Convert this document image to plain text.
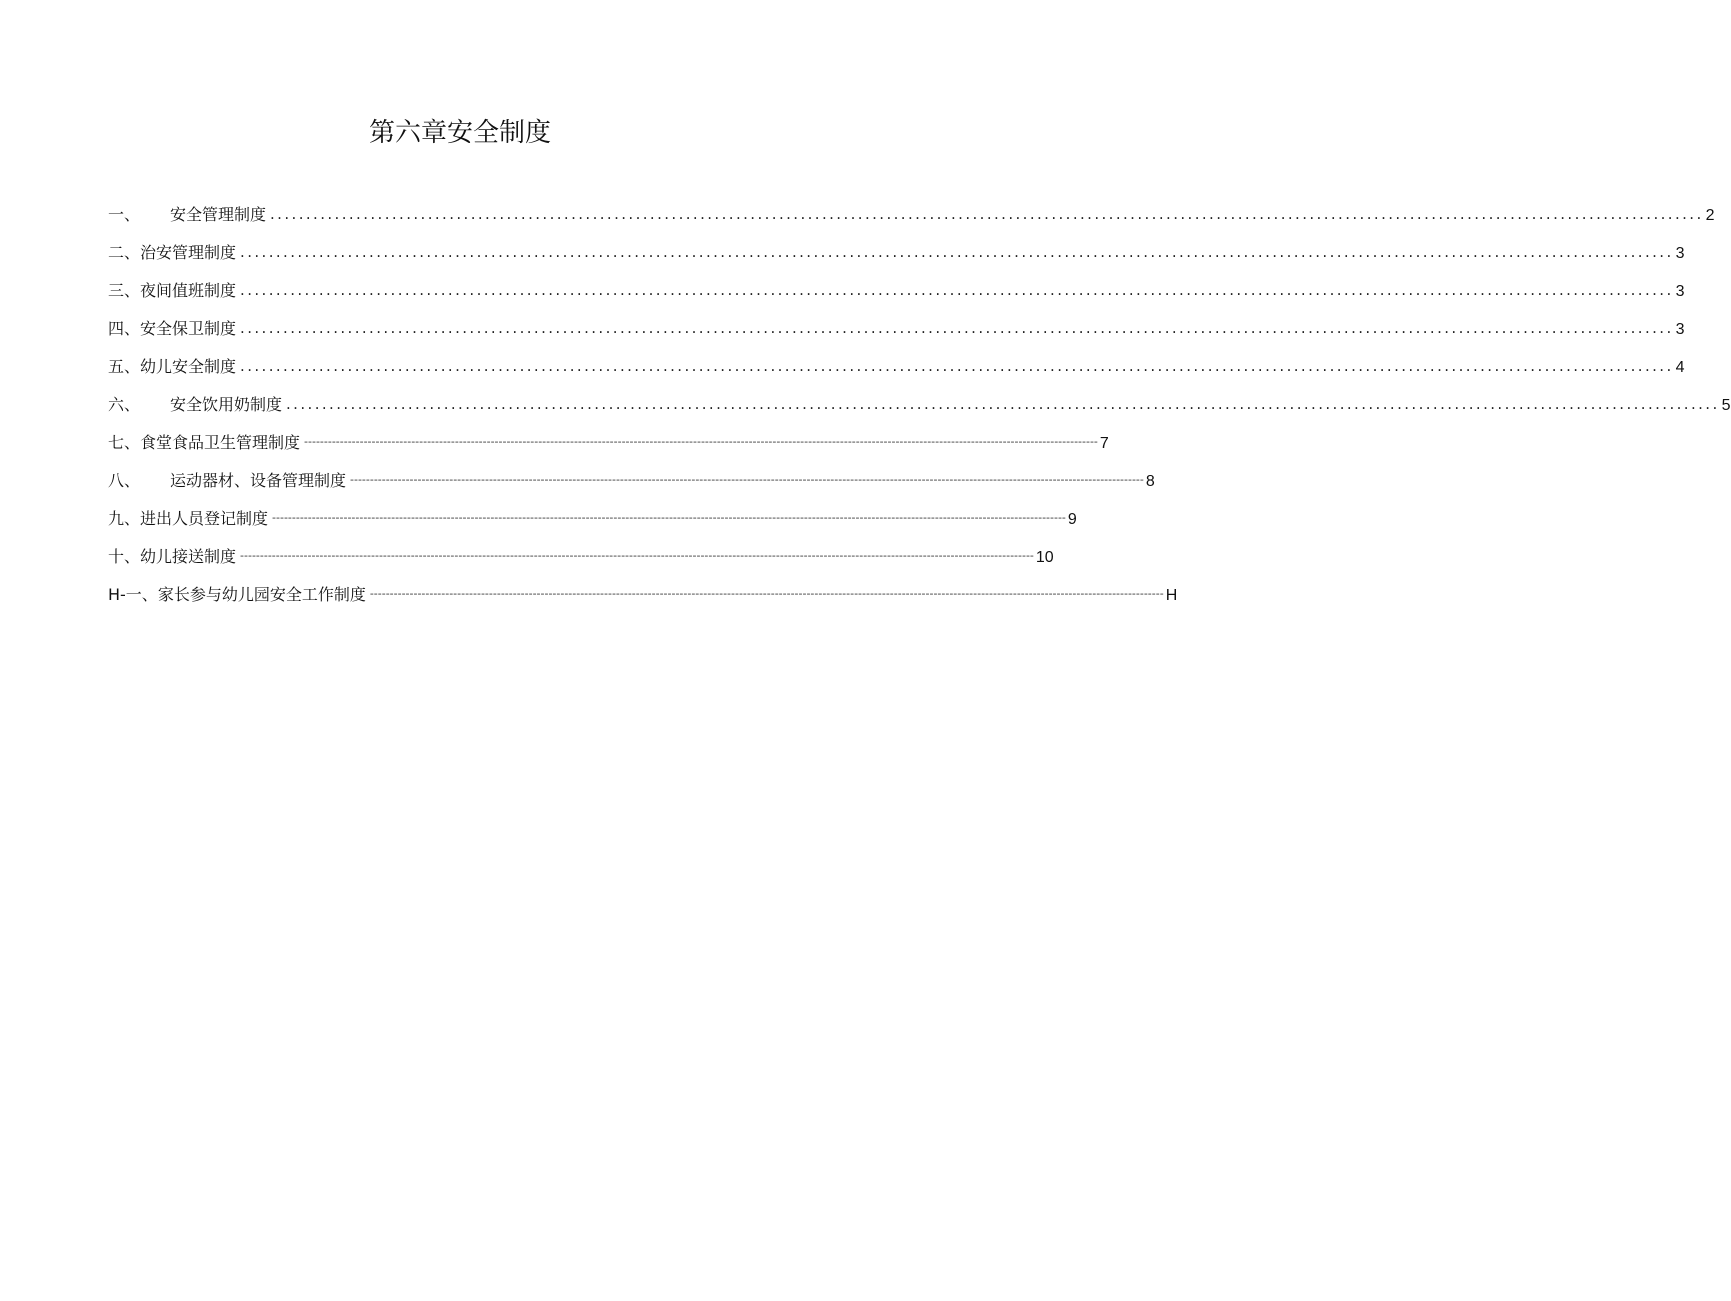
第六章安全制度
一、	安全管理制度 ........................................................................................................................................................................................................ 2
二、 治安管理制度 ........................................................................................................................................................................................................ 3
三、 夜间值班制度 ........................................................................................................................................................................................................ 3
四、 安全保卫制度 ........................................................................................................................................................................................................ 3
五、 幼儿安全制度 ........................................................................................................................................................................................................ 4
六、	安全饮用奶制度 ........................................................................................................................................................................................................ 5
七、 食堂食品卫生管理制度 -------------------------------------------------------------------------------------------------------------------------------------------------------------------------------------------------------- 7
八、	运动器材、设备管理制度 -------------------------------------------------------------------------------------------------------------------------------------------------------------------------------------------------------- 8
九、 进出人员登记制度 -------------------------------------------------------------------------------------------------------------------------------------------------------------------------------------------------------- 9
十、 幼儿接送制度 -------------------------------------------------------------------------------------------------------------------------------------------------------------------------------------------------------- 10
H-一、 家长参与幼儿园安全工作制度 -------------------------------------------------------------------------------------------------------------------------------------------------------------------------------------------------------- H
